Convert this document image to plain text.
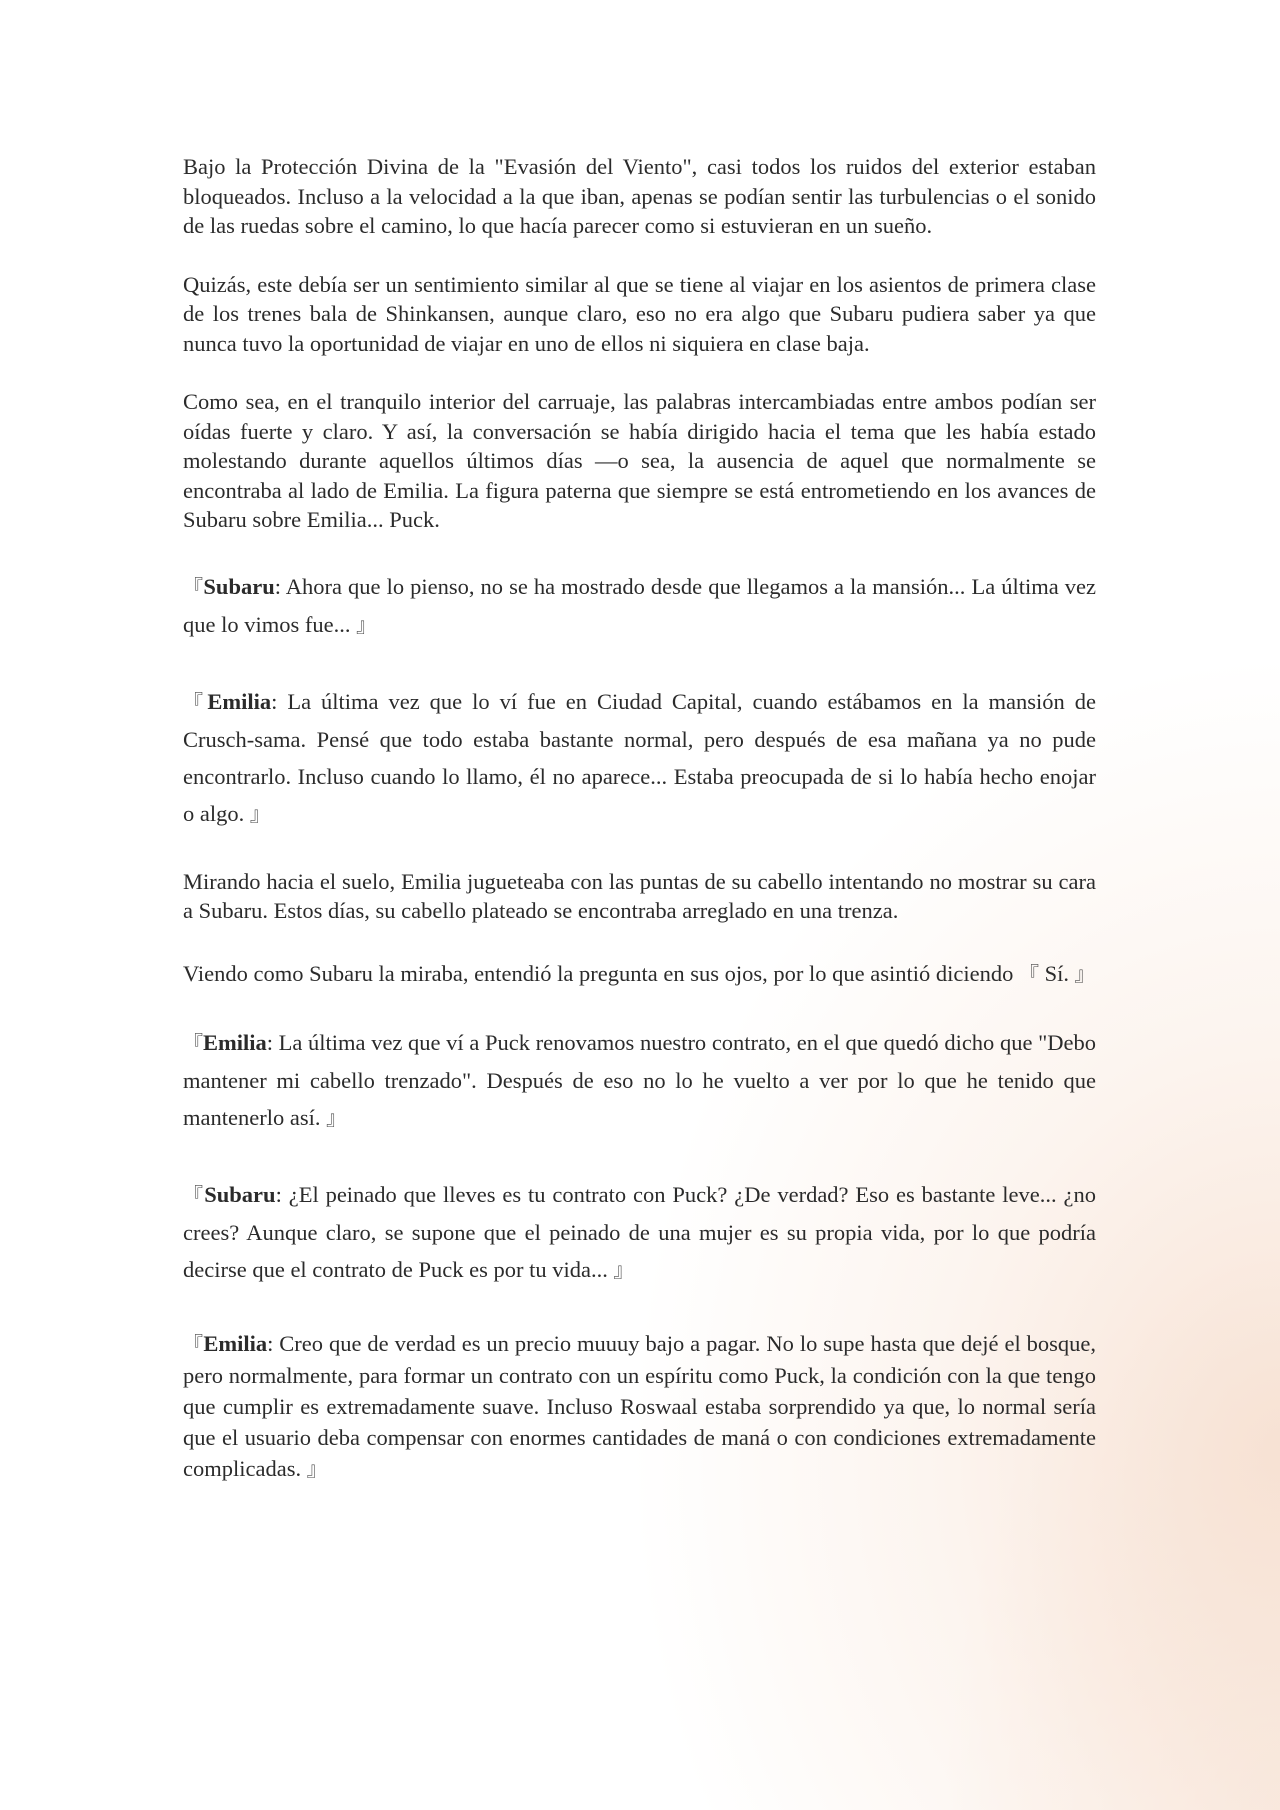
Bajo la Protección Divina de la "Evasión del Viento", casi todos los ruidos del exterior estaban bloqueados. Incluso a la velocidad a la que iban, apenas se podían sentir las turbulencias o el sonido de las ruedas sobre el camino, lo que hacía parecer como si estuvieran en un sueño.

Quizás, este debía ser un sentimiento similar al que se tiene al viajar en los asientos de primera clase de los trenes bala de Shinkansen, aunque claro, eso no era algo que Subaru pudiera saber ya que nunca tuvo la oportunidad de viajar en uno de ellos ni siquiera en clase baja.

Como sea, en el tranquilo interior del carruaje, las palabras intercambiadas entre ambos podían ser oídas fuerte y claro. Y así, la conversación se había dirigido hacia el tema que les había estado molestando durante aquellos últimos días —o sea, la ausencia de aquel que normalmente se encontraba al lado de Emilia. La figura paterna que siempre se está entrometiendo en los avances de Subaru sobre Emilia... Puck.

『Subaru: Ahora que lo pienso, no se ha mostrado desde que llegamos a la mansión... La última vez que lo vimos fue... 』

『Emilia: La última vez que lo ví fue en Ciudad Capital, cuando estábamos en la mansión de Crusch-sama. Pensé que todo estaba bastante normal, pero después de esa mañana ya no pude encontrarlo. Incluso cuando lo llamo, él no aparece... Estaba preocupada de si lo había hecho enojar o algo. 』

Mirando hacia el suelo, Emilia jugueteaba con las puntas de su cabello intentando no mostrar su cara a Subaru. Estos días, su cabello plateado se encontraba arreglado en una trenza.

Viendo como Subaru la miraba, entendió la pregunta en sus ojos, por lo que asintió diciendo 『 Sí. 』

『Emilia: La última vez que ví a Puck renovamos nuestro contrato, en el que quedó dicho que "Debo mantener mi cabello trenzado". Después de eso no lo he vuelto a ver por lo que he tenido que mantenerlo así. 』

『Subaru: ¿El peinado que lleves es tu contrato con Puck? ¿De verdad? Eso es bastante leve... ¿no crees? Aunque claro, se supone que el peinado de una mujer es su propia vida, por lo que podría decirse que el contrato de Puck es por tu vida... 』

『Emilia: Creo que de verdad es un precio muuuy bajo a pagar. No lo supe hasta que dejé el bosque, pero normalmente, para formar un contrato con un espíritu como Puck, la condición con la que tengo que cumplir es extremadamente suave. Incluso Roswaal estaba sorprendido ya que, lo normal sería que el usuario deba compensar con enormes cantidades de maná o con condiciones extremadamente complicadas. 』
